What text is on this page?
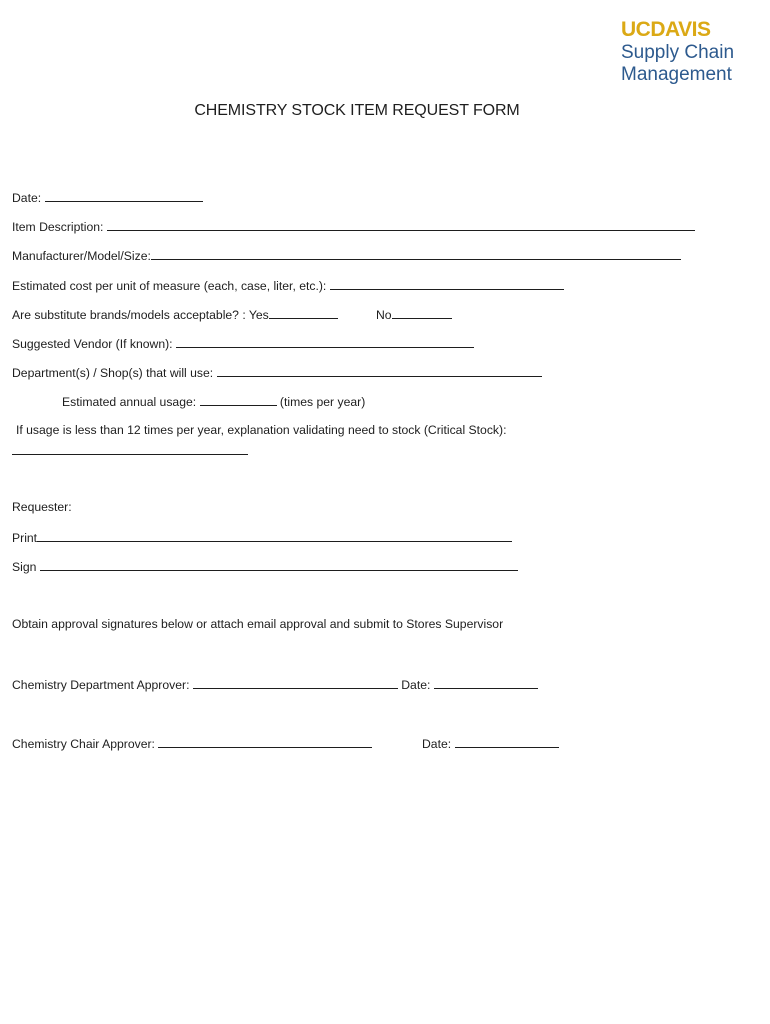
UCDAVIS
Supply Chain
Management
CHEMISTRY STOCK ITEM REQUEST FORM
Date:
Item Description:
Manufacturer/Model/Size:
Estimated cost per unit of measure (each, case, liter, etc.):
Are substitute brands/models acceptable? : Yes	No
Suggested Vendor (If known):
Department(s) / Shop(s) that will use:
Estimated annual usage:	(times per year)
If usage is less than 12 times per year, explanation validating need to stock (Critical Stock):
Requester:
Print
Sign
Obtain approval signatures below or attach email approval and submit to Stores Supervisor
Chemistry Department Approver:	Date:
Chemistry Chair Approver:	Date:
